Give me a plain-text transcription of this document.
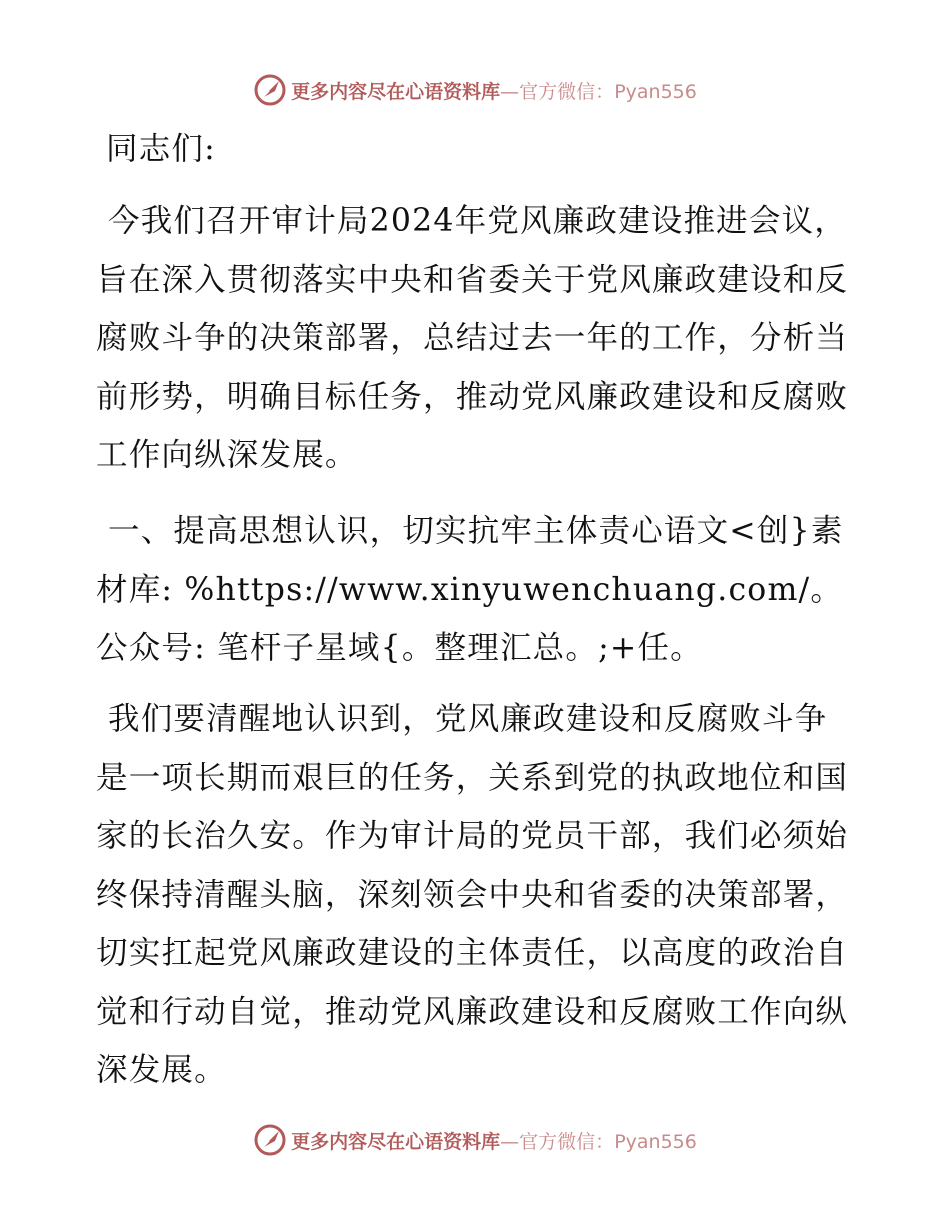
更多内容尽在心语资料库—官方微信：Pyan556
同志们:
今我们召开审计局2024年党风廉政建设推进会议，旨在深入贯彻落实中央和省委关于党风廉政建设和反腐败斗争的决策部署，总结过去一年的工作，分析当前形势，明确目标任务，推动党风廉政建设和反腐败工作向纵深发展。
一、提高思想认识，切实抗牢主体责心语文<创}素材库: %https://www.xinyuwenchuang.com/。公众号: 笔杆子星域{。整理汇总。;+任。
我们要清醒地认识到，党风廉政建设和反腐败斗争是一项长期而艰巨的任务，关系到党的执政地位和国家的长治久安。作为审计局的党员干部，我们必须始终保持清醒头脑，深刻领会中央和省委的决策部署，切实扛起党风廉政建设的主体责任，以高度的政治自觉和行动自觉，推动党风廉政建设和反腐败工作向纵深发展。
更多内容尽在心语资料库—官方微信：Pyan556
